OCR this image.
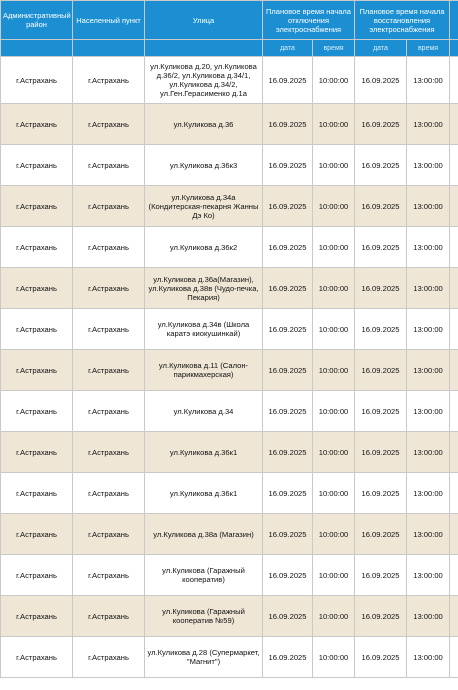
Административный район	Населенный пункт	Улица	Плановое время начала отключения электроснабжения		Плановое время начала восстановления электроснабжения		
			дата	время	дата	время	
г.Астрахань	г.Астрахань	ул.Куликова д.20, ул.Куликова д.36/2, ул.Куликова д.34/1, ул.Куликова д.34/2, ул.Ген.Герасименко д.1а	16.09.2025	10:00:00	16.09.2025	13:00:00	
г.Астрахань	г.Астрахань	ул.Куликова д.36	16.09.2025	10:00:00	16.09.2025	13:00:00	
г.Астрахань	г.Астрахань	ул.Куликова д.36к3	16.09.2025	10:00:00	16.09.2025	13:00:00	
г.Астрахань	г.Астрахань	ул.Куликова д.34а (Кондитерская-пекарня Жанны Дэ Ко)	16.09.2025	10:00:00	16.09.2025	13:00:00	
г.Астрахань	г.Астрахань	ул.Куликова д.36к2	16.09.2025	10:00:00	16.09.2025	13:00:00	
г.Астрахань	г.Астрахань	ул.Куликова д.36а(Магазин), ул.Куликова д.38в (Чудо-печка, Пекария)	16.09.2025	10:00:00	16.09.2025	13:00:00	
г.Астрахань	г.Астрахань	ул.Куликова д.34в (Школа каратэ киокушинкай)	16.09.2025	10:00:00	16.09.2025	13:00:00	
г.Астрахань	г.Астрахань	ул.Куликова д.11 (Салон-парикмахерская)	16.09.2025	10:00:00	16.09.2025	13:00:00	
г.Астрахань	г.Астрахань	ул.Куликова д.34	16.09.2025	10:00:00	16.09.2025	13:00:00	
г.Астрахань	г.Астрахань	ул.Куликова д.36к1	16.09.2025	10:00:00	16.09.2025	13:00:00	
г.Астрахань	г.Астрахань	ул.Куликова д.36к1	16.09.2025	10:00:00	16.09.2025	13:00:00	
г.Астрахань	г.Астрахань	ул.Куликова д.38а (Магазин)	16.09.2025	10:00:00	16.09.2025	13:00:00	
г.Астрахань	г.Астрахань	ул.Куликова (Гаражный кооператив)	16.09.2025	10:00:00	16.09.2025	13:00:00	
г.Астрахань	г.Астрахань	ул.Куликова (Гаражный кооператив №59)	16.09.2025	10:00:00	16.09.2025	13:00:00	
г.Астрахань	г.Астрахань	ул.Куликова д.28 (Супермаркет, "Магнит")	16.09.2025	10:00:00	16.09.2025	13:00:00	
